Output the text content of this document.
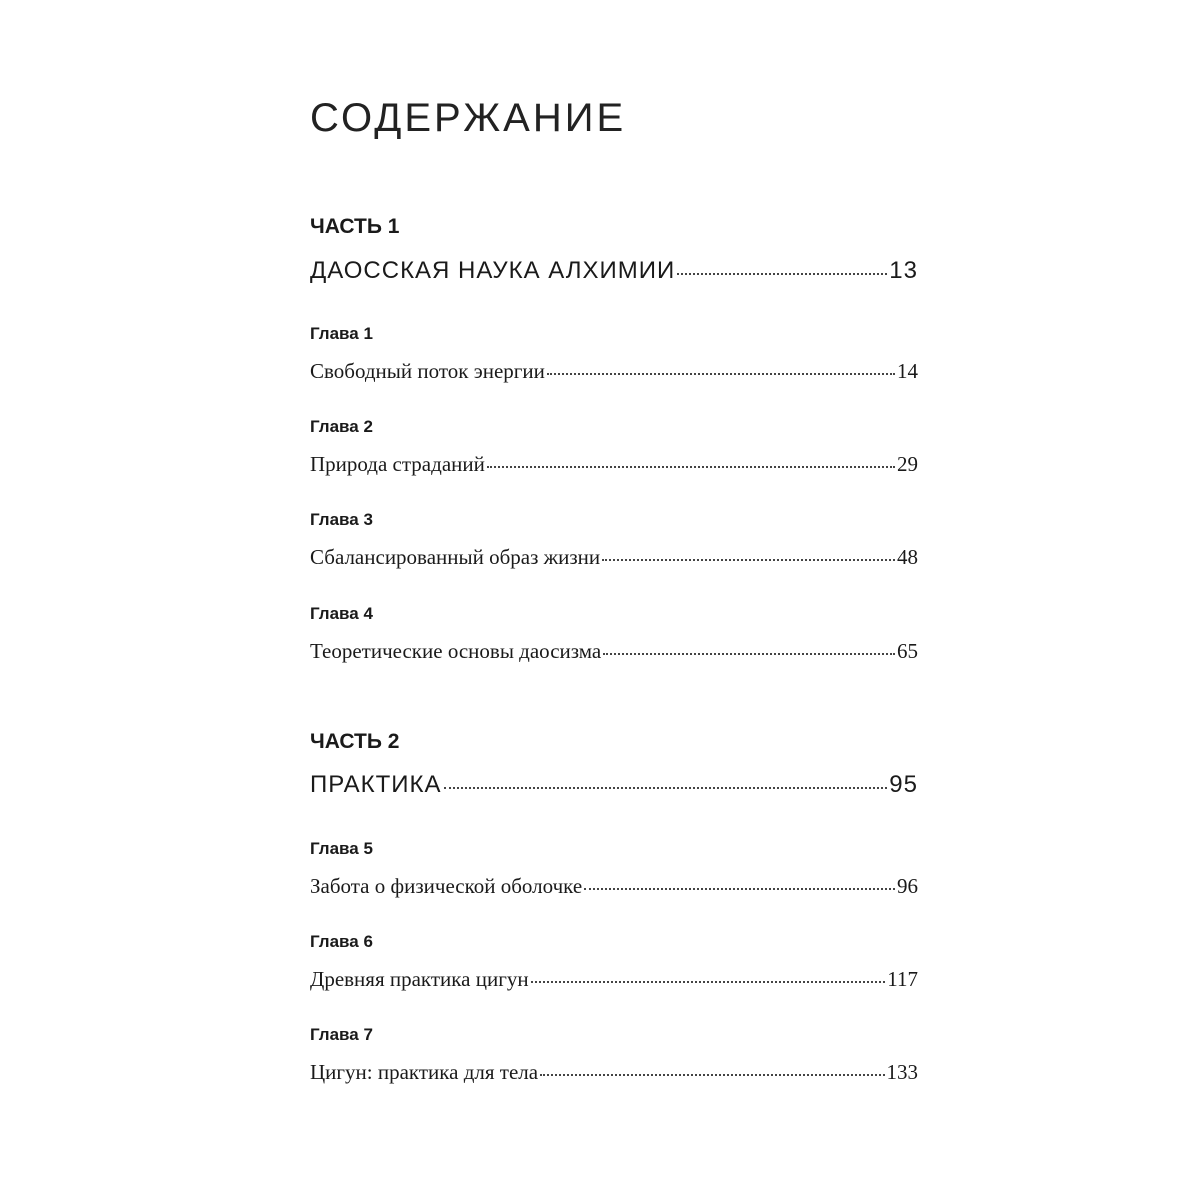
СОДЕРЖАНИЕ
ЧАСТЬ 1
ДАОССКАЯ НАУКА АЛХИМИИ	13
Глава 1
Свободный поток энергии	14
Глава 2
Природа страданий	29
Глава 3
Сбалансированный образ жизни	48
Глава 4
Теоретические основы даосизма	65
ЧАСТЬ 2
ПРАКТИКА	95
Глава 5
Забота о физической оболочке	96
Глава 6
Древняя практика цигун	117
Глава 7
Цигун: практика для тела	133
